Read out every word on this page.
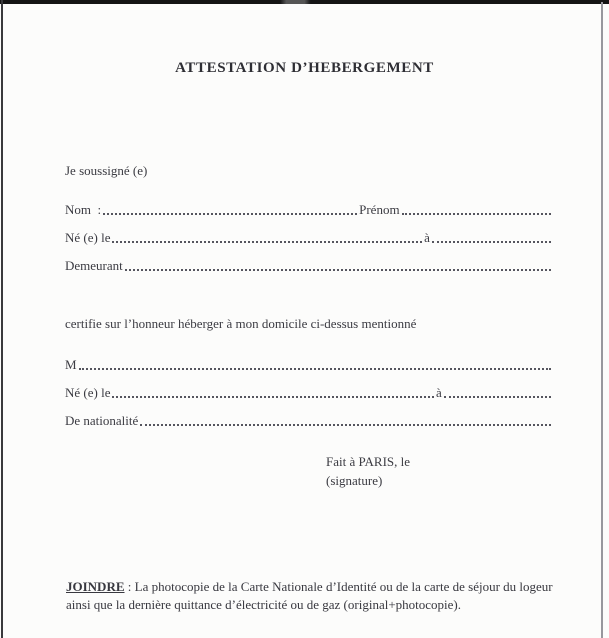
ATTESTATION D’HEBERGEMENT
Je soussigné (e)
Nom  :	Prénom
Né (e) le	à
Demeurant
certifie sur l’honneur héberger à mon domicile ci-dessus mentionné
M
Né (e) le	à
De nationalité
Fait à PARIS, le
(signature)
JOINDRE : La photocopie de la Carte Nationale d’Identité ou de la carte de séjour du logeur
ainsi que la dernière quittance d’électricité ou de gaz (original+photocopie).
